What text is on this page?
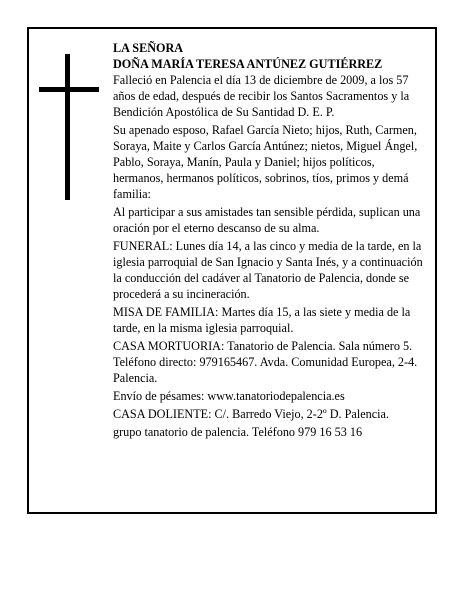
LA SEÑORA

DOÑA MARÍA TERESA ANTÚNEZ GUTIÉRREZ

Falleció en Palencia el día 13 de diciembre de 2009, a los 57 años de edad, después de recibir los Santos Sacramentos y la Bendición Apostólica de Su Santidad D. E. P.

Su apenado esposo, Rafael García Nieto; hijos, Ruth, Carmen, Soraya, Maite y Carlos García Antúnez; nietos, Miguel Ángel, Pablo, Soraya, Manín, Paula y Daniel; hijos políticos, hermanos, hermanos políticos, sobrinos, tíos, primos y demá familia:

Al participar a sus amistades tan sensible pérdida, suplican una oración por el eterno descanso de su alma.

FUNERAL: Lunes día 14, a las cinco y media de la tarde, en la iglesia parroquial de San Ignacio y Santa Inés, y a continuación la conducción del cadáver al Tanatorio de Palencia, donde se procederá a su incineración.

MISA DE FAMILIA: Martes día 15, a las siete y media de la tarde, en la misma iglesia parroquial.

CASA MORTUORIA: Tanatorio de Palencia. Sala número 5. Teléfono directo: 979165467. Avda. Comunidad Europea, 2-4. Palencia.

Envío de pésames: www.tanatoriodepalencia.es

CASA DOLIENTE: C/. Barredo Viejo, 2-2º D. Palencia.

grupo tanatorio de palencia. Teléfono 979 16 53 16
